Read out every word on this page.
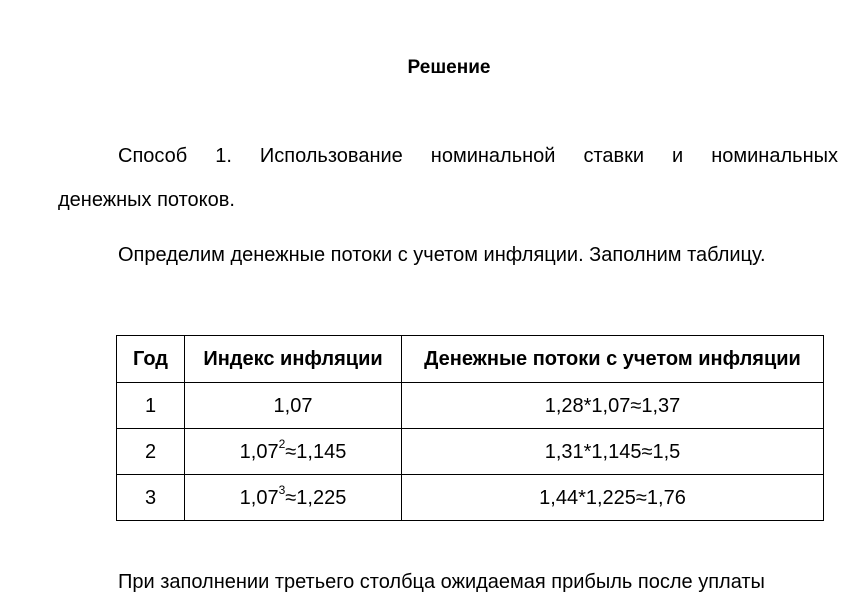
Решение
Способ 1. Использование номинальной ставки и номинальных
денежных потоков.
Определим денежные потоки с учетом инфляции. Заполним таблицу.
Год	Индекс инфляции	Денежные потоки с учетом инфляции
1	1,07	1,28*1,07≈1,37
2	$1,07^2\approx 1,145$	1,31*1,145≈1,5
3	$1,07^3\approx 1,225$	1,44*1,225≈1,76
При заполнении третьего столбца ожидаемая прибыль после уплаты
